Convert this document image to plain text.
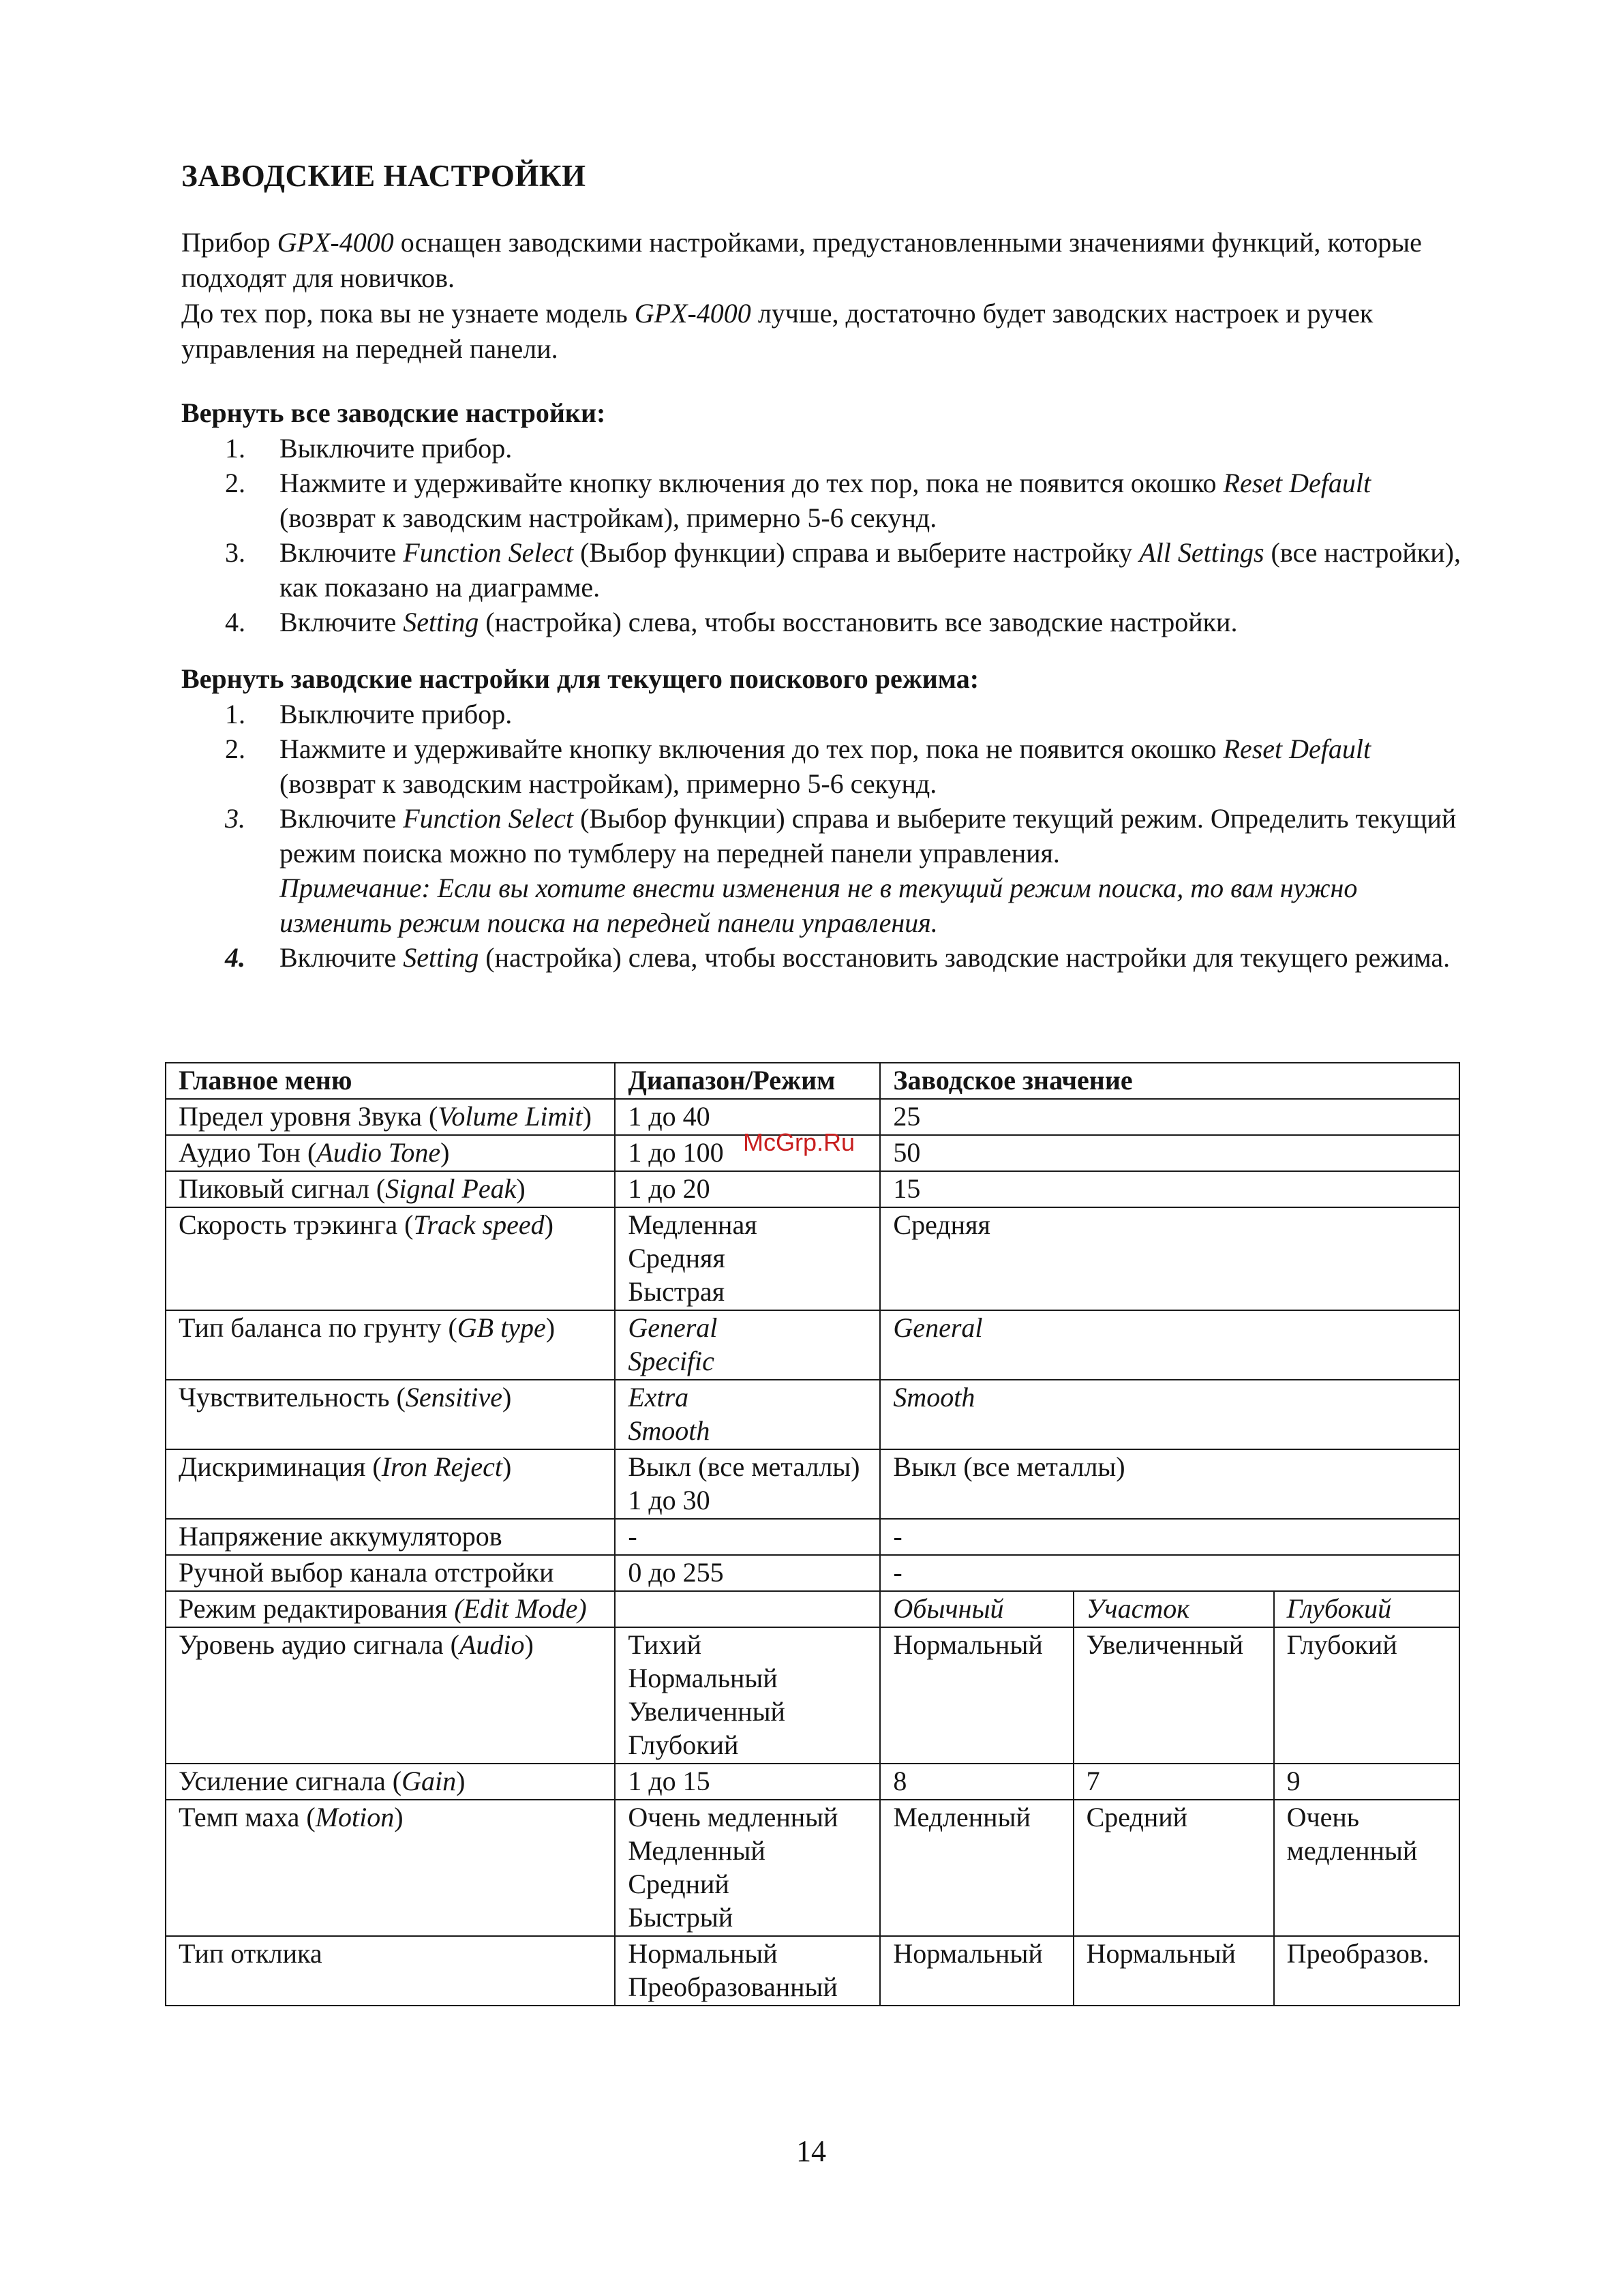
ЗАВОДСКИЕ НАСТРОЙКИ

Прибор GPX-4000 оснащен заводскими настройками, предустановленными значениями функций, которые подходят для новичков.

До тех пор, пока вы не узнаете модель GPX-4000 лучше, достаточно будет заводских настроек и ручек управления на передней панели.

Вернуть все заводские настройки:
1.	Выключите прибор.
2.	Нажмите и удерживайте кнопку включения до тех пор, пока не появится окошко Reset Default (возврат к заводским настройкам), примерно 5-6 секунд.
3.	Включите Function Select (Выбор функции) справа и выберите настройку All Settings (все настройки), как показано на диаграмме.
4.	Включите Setting (настройка) слева, чтобы восстановить все заводские настройки.
Вернуть заводские настройки для текущего поискового режима:
1.	Выключите прибор.
2.	Нажмите и удерживайте кнопку включения до тех пор, пока не появится окошко Reset Default (возврат к заводским настройкам), примерно 5-6 секунд.
3.	Включите Function Select (Выбор функции) справа и выберите текущий режим. Определить текущий режим поиска можно по тумблеру на передней панели управления.
Примечание: Если вы хотите внести изменения не в текущий режим поиска, то вам нужно изменить режим поиска на передней панели управления.
4.	Включите Setting (настройка) слева, чтобы восстановить заводские настройки для текущего режима.
Главное меню	Диапазон/Режим	Заводское значение		
Предел уровня Звука (Volume Limit)	1 до 40	25		
Аудио Тон (Audio Tone)	1 до 100	50		
Пиковый сигнал (Signal Peak)	1 до 20	15		
Скорость трэкинга (Track speed)	Медленная
Средняя
Быстрая	Средняя		
Тип баланса по грунту (GB type)	General
Specific	General		
Чувствительность (Sensitive)	Extra
Smooth	Smooth		
Дискриминация (Iron Reject)	Выкл (все металлы)
1 до 30	Выкл (все металлы)		
Напряжение аккумуляторов	-	-		
Ручной выбор канала отстройки	0 до 255	-		
Режим редактирования (Edit Mode)		Обычный	Участок	Глубокий
Уровень аудио сигнала (Audio)	Тихий
Нормальный
Увеличенный
Глубокий	Нормальный	Увеличенный	Глубокий
Усиление сигнала (Gain)	1 до 15	8	7	9
Темп маха (Motion)	Очень медленный
Медленный
Средний
Быстрый	Медленный	Средний	Очень медленный
Тип отклика	Нормальный
Преобразованный	Нормальный	Нормальный	Преобразов.
McGrp.Ru
14
